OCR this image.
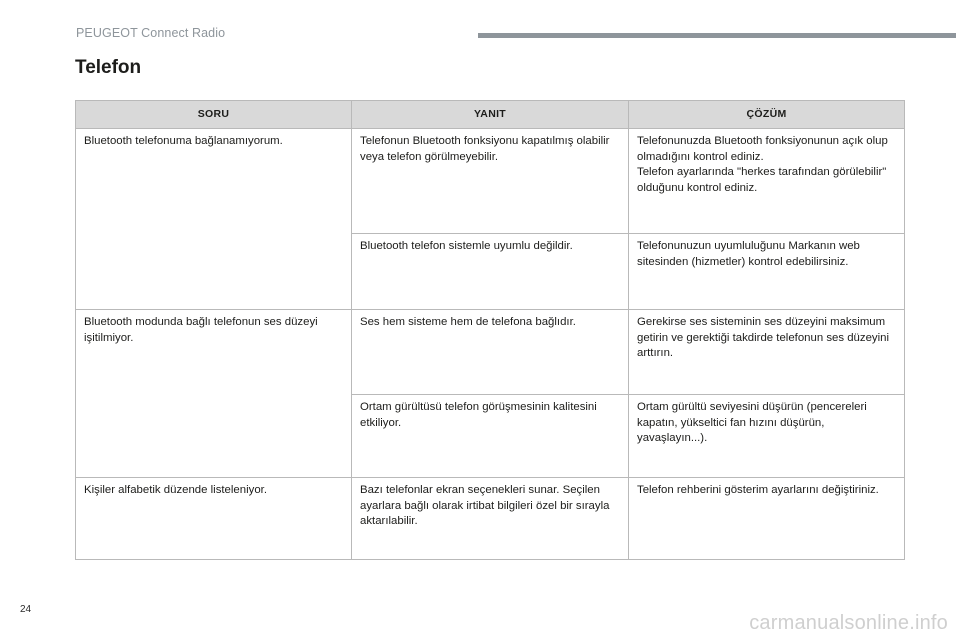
PEUGEOT Connect Radio
Telefon
SORU	YANIT	ÇÖZÜM
Bluetooth telefonuma bağlanamıyorum.	Telefonun Bluetooth fonksiyonu kapatılmış olabilir veya telefon görülmeyebilir.	Telefonunuzda Bluetooth fonksiyonunun açık olup olmadığını kontrol ediniz.
Telefon ayarlarında "herkes tarafından görülebilir" olduğunu kontrol ediniz.

	Bluetooth telefon sistemle uyumlu değildir.	Telefonunuzun uyumluluğunu Markanın web sitesinden (hizmetler) kontrol edebilirsiniz.

Bluetooth modunda bağlı telefonun ses düzeyi işitilmiyor.	Ses hem sisteme hem de telefona bağlıdır.	Gerekirse ses sisteminin ses düzeyini maksimum getirin ve gerektiği takdirde telefonun ses düzeyini arttırın.

	Ortam gürültüsü telefon görüşmesinin kalitesini etkiliyor.	Ortam gürültü seviyesini düşürün (pencereleri kapatın, yükseltici fan hızını düşürün, yavaşlayın...).

Kişiler alfabetik düzende listeleniyor.	Bazı telefonlar ekran seçenekleri sunar. Seçilen ayarlara bağlı olarak irtibat bilgileri özel bir sırayla aktarılabilir.	Telefon rehberini gösterim ayarlarını değiştiriniz.
24
carmanualsonline.info
